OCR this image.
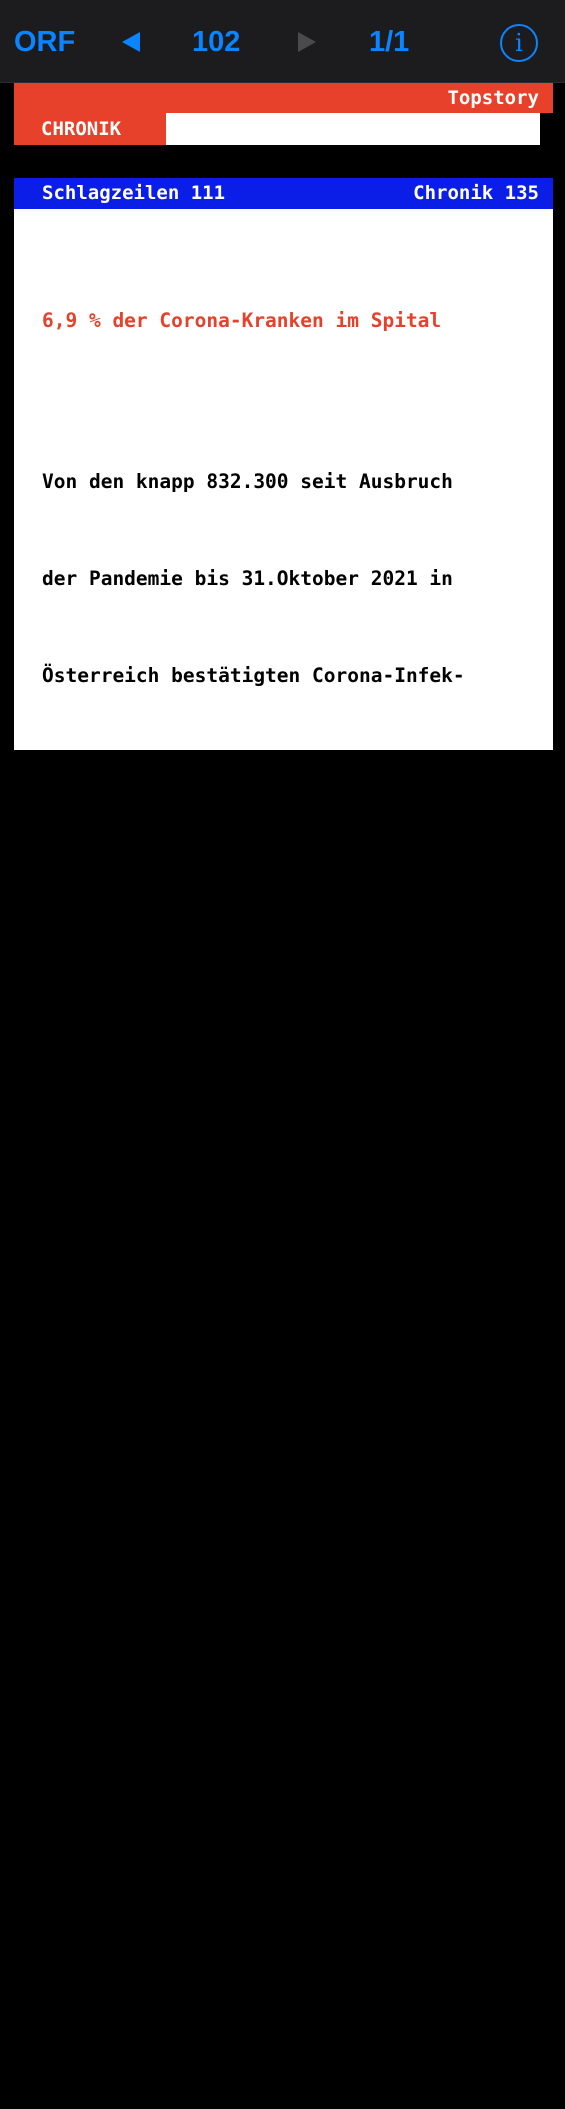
ORF	102	1/1	i
Topstory
CHRONIK
Schlagzeilen 111	Chronik 135

6,9 % der Corona-Kranken im Spital

Von den knapp 832.300 seit Ausbruch

der Pandemie bis 31.Oktober 2021 in

Österreich bestätigten Corona-Infek-

tionen hatten 6,9 % einen Spitals-

aufenthalt zur Folge. Das zeigt

eine Zwischenbilanz der Gesundheit

Österreich GmbH. 1,2 % der positiv

Getesteten mussten auf eine Inten-

sivstation, wobei Männer deutlich

mehr betroffen waren als Frauen.

Bis Ende November starben insgesamt

17,7 % der Covid-Spitalspatienten.

Auf den Intensivstationen betrug

die Sterblichkeit 36 Prozent.
